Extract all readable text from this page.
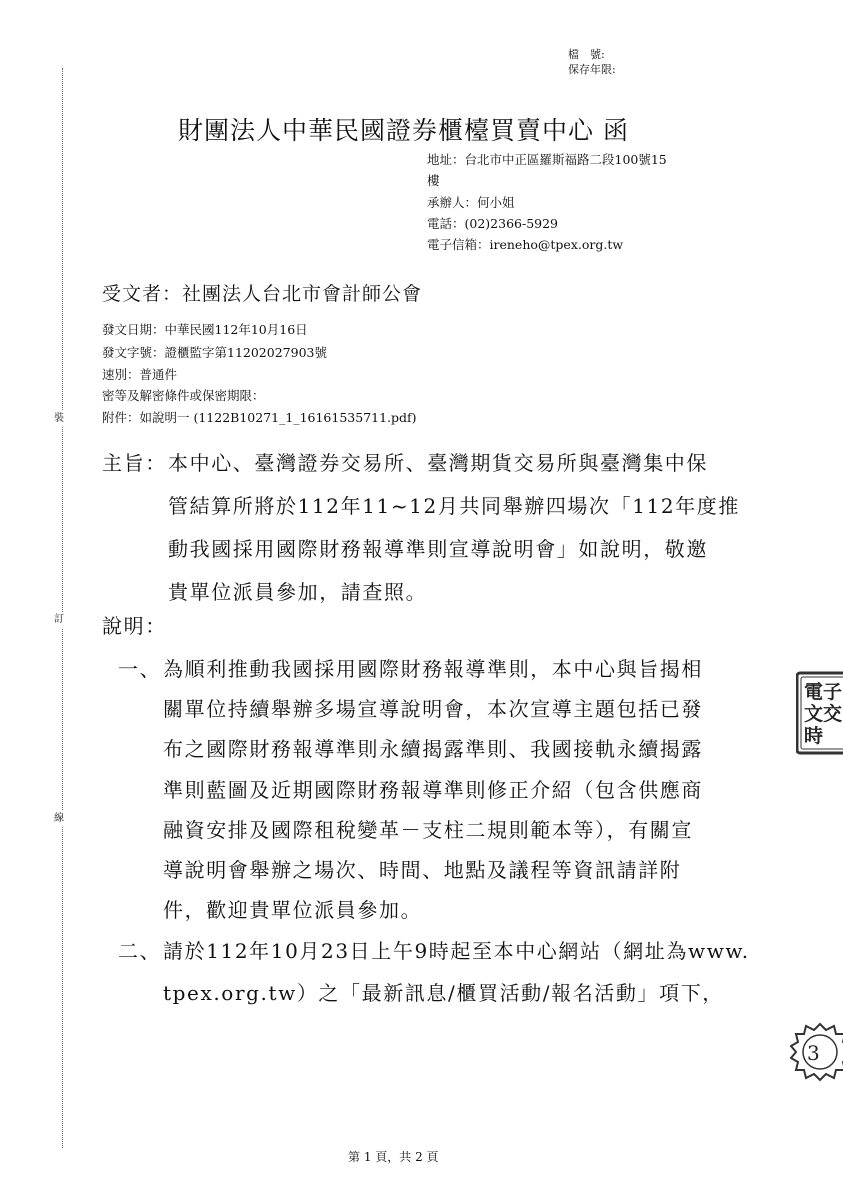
裝
訂
線
檔　號:
保存年限:
財團法人中華民國證券櫃檯買賣中心 函
地址：台北市中正區羅斯福路二段100號15
樓
承辦人：何小姐
電話：(02)2366-5929
電子信箱：ireneho@tpex.org.tw
受文者：社團法人台北市會計師公會
發文日期：中華民國112年10月16日
發文字號：證櫃監字第11202027903號
速別：普通件
密等及解密條件或保密期限：
附件：如說明一 (1122B10271_1_16161535711.pdf)
主旨： 本中心、臺灣證券交易所、臺灣期貨交易所與臺灣集中保
管結算所將於112年11~12月共同舉辦四場次「112年度推
動我國採用國際財務報導準則宣導說明會」如說明，敬邀
貴單位派員參加，請查照。
說明：
一、 為順利推動我國採用國際財務報導準則，本中心與旨揭相
關單位持續舉辦多場宣導說明會，本次宣導主題包括已發
布之國際財務報導準則永續揭露準則、我國接軌永續揭露
準則藍圖及近期國際財務報導準則修正介紹（包含供應商
融資安排及國際租稅變革－支柱二規則範本等），有關宣
導說明會舉辦之場次、時間、地點及議程等資訊請詳附
件，歡迎貴單位派員參加。
二、 請於112年10月23日上午9時起至本中心網站（網址為www.
tpex.org.tw）之「最新訊息/櫃買活動/報名活動」項下，
電子
文交
時
3
第 1 頁，共 2 頁
